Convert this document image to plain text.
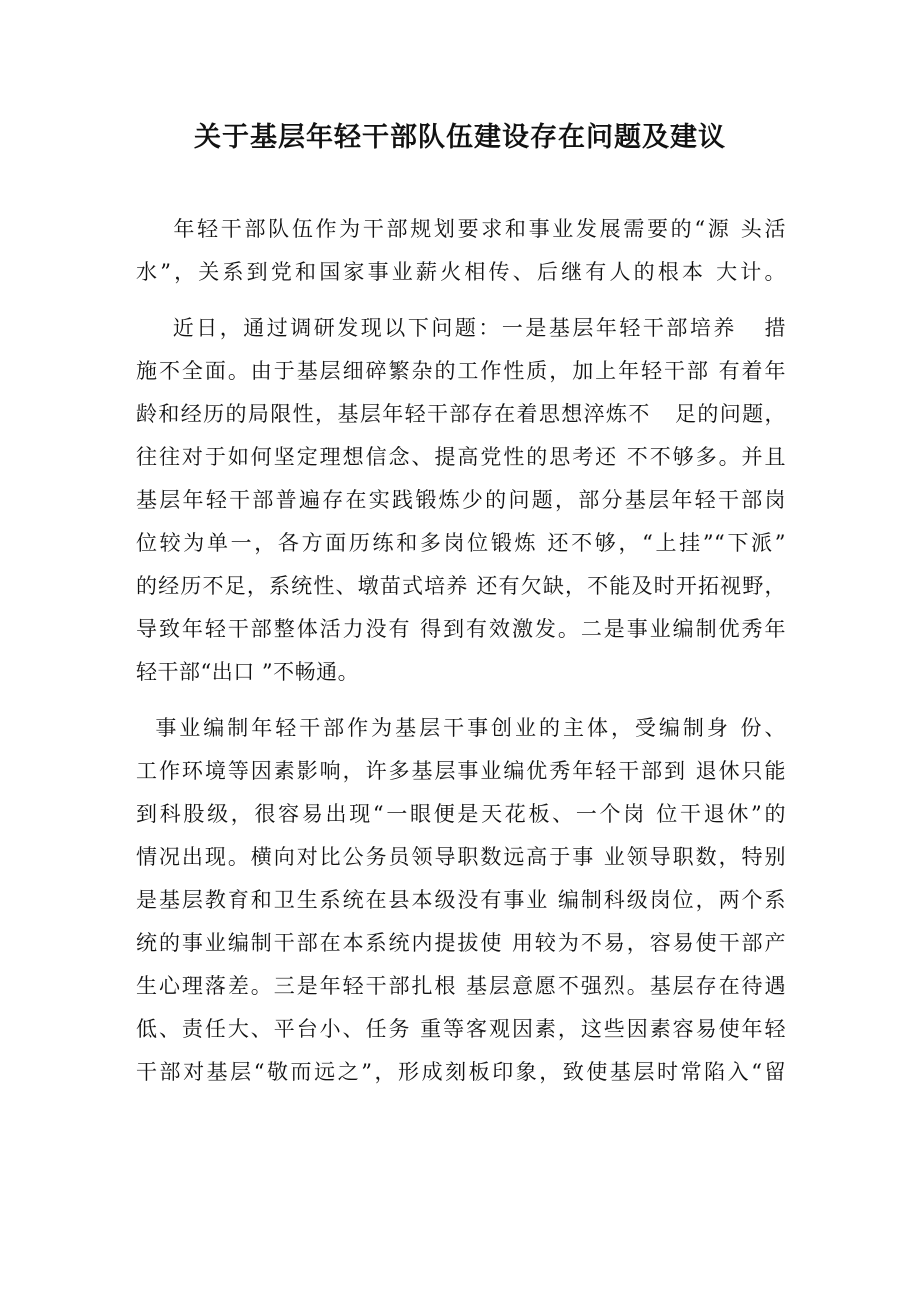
关于基层年轻干部队伍建设存在问题及建议
年轻干部队伍作为干部规划要求和事业发展需要的“源 头活
水”，关系到党和国家事业薪火相传、后继有人的根本 大计。
近日，通过调研发现以下问题：一是基层年轻干部培养   措
施不全面。由于基层细碎繁杂的工作性质，加上年轻干部 有着年
龄和经历的局限性，基层年轻干部存在着思想淬炼不   足的问题，
往往对于如何坚定理想信念、提高党性的思考还 不不够多。并且
基层年轻干部普遍存在实践锻炼少的问题，部分基层年轻干部岗
位较为单一，各方面历练和多岗位锻炼 还不够，“上挂”“下派”
的经历不足，系统性、墩苗式培养 还有欠缺，不能及时开拓视野，
导致年轻干部整体活力没有 得到有效激发。二是事业编制优秀年
轻干部“出口 ”不畅通。
事业编制年轻干部作为基层干事创业的主体，受编制身 份、
工作环境等因素影响，许多基层事业编优秀年轻干部到 退休只能
到科股级，很容易出现“一眼便是天花板、一个岗 位干退休”的
情况出现。横向对比公务员领导职数远高于事 业领导职数，特别
是基层教育和卫生系统在县本级没有事业 编制科级岗位，两个系
统的事业编制干部在本系统内提拔使 用较为不易，容易使干部产
生心理落差。三是年轻干部扎根 基层意愿不强烈。基层存在待遇
低、责任大、平台小、任务 重等客观因素，这些因素容易使年轻
干部对基层“敬而远之”，形成刻板印象，致使基层时常陷入“留
